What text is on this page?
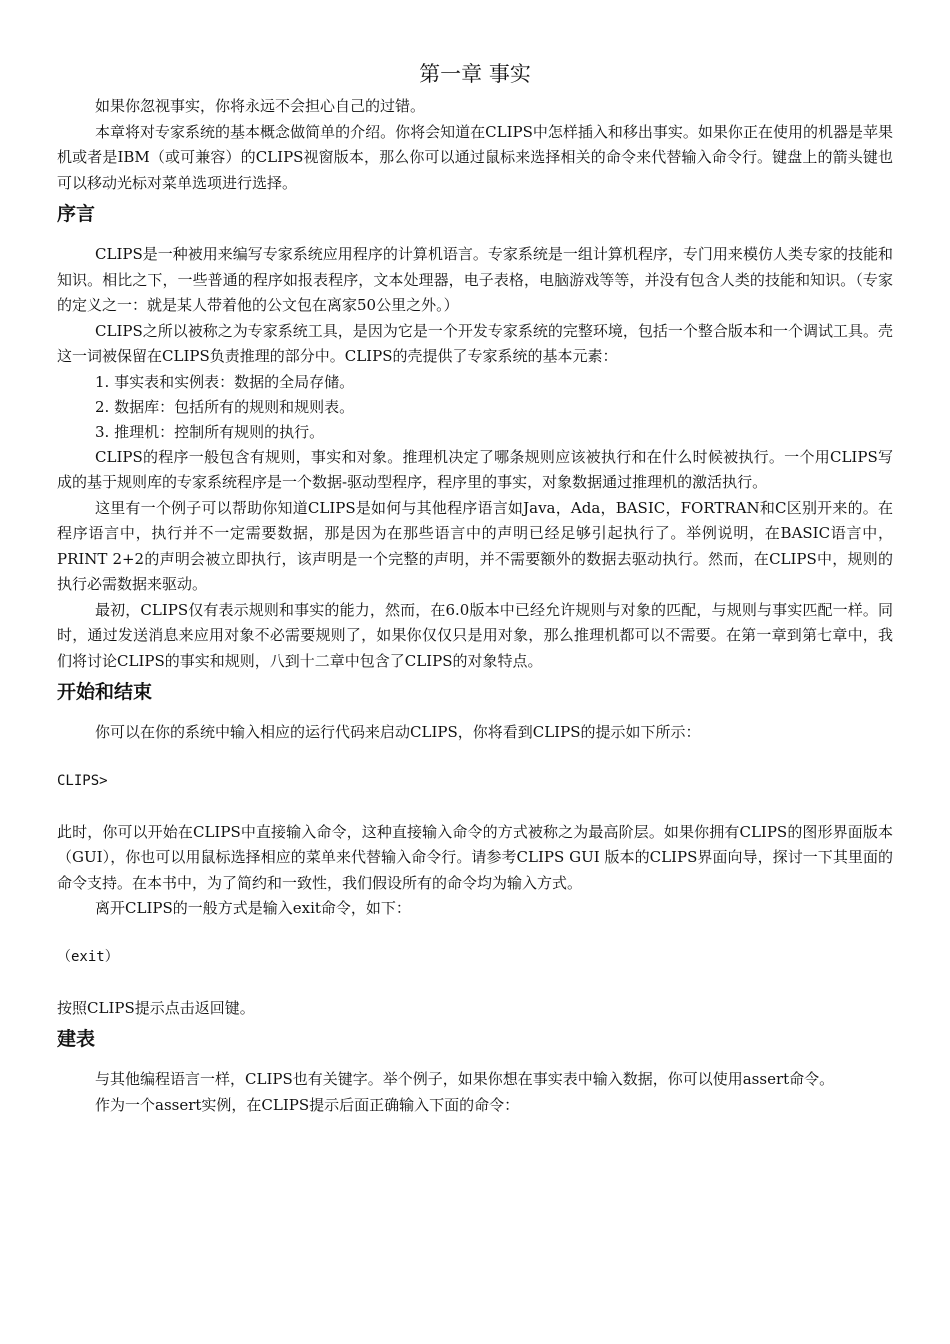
第一章 事实

如果你忽视事实，你将永远不会担心自己的过错。

本章将对专家系统的基本概念做简单的介绍。你将会知道在CLIPS中怎样插入和移出事实。如果你正在使用的机器是苹果机或者是IBM（或可兼容）的CLIPS视窗版本，那么你可以通过鼠标来选择相关的命令来代替输入命令行。键盘上的箭头键也可以移动光标对菜单选项进行选择。

序言

CLIPS是一种被用来编写专家系统应用程序的计算机语言。专家系统是一组计算机程序，专门用来模仿人类专家的技能和知识。相比之下，一些普通的程序如报表程序，文本处理器，电子表格，电脑游戏等等，并没有包含人类的技能和知识。（专家的定义之一：就是某人带着他的公文包在离家50公里之外。）

CLIPS之所以被称之为专家系统工具，是因为它是一个开发专家系统的完整环境，包括一个整合版本和一个调试工具。壳这一词被保留在CLIPS负责推理的部分中。CLIPS的壳提供了专家系统的基本元素：

1. 事实表和实例表：数据的全局存储。
2. 数据库：包括所有的规则和规则表。
3. 推理机：控制所有规则的执行。

CLIPS的程序一般包含有规则，事实和对象。推理机决定了哪条规则应该被执行和在什么时候被执行。一个用CLIPS写成的基于规则库的专家系统程序是一个数据-驱动型程序，程序里的事实，对象数据通过推理机的激活执行。

这里有一个例子可以帮助你知道CLIPS是如何与其他程序语言如Java，Ada，BASIC，FORTRAN和C区别开来的。在程序语言中，执行并不一定需要数据，那是因为在那些语言中的声明已经足够引起执行了。举例说明，在BASIC语言中，PRINT 2+2的声明会被立即执行，该声明是一个完整的声明，并不需要额外的数据去驱动执行。然而，在CLIPS中，规则的执行必需数据来驱动。

最初，CLIPS仅有表示规则和事实的能力，然而，在6.0版本中已经允许规则与对象的匹配，与规则与事实匹配一样。同时，通过发送消息来应用对象不必需要规则了，如果你仅仅只是用对象，那么推理机都可以不需要。在第一章到第七章中，我们将讨论CLIPS的事实和规则，八到十二章中包含了CLIPS的对象特点。

开始和结束

你可以在你的系统中输入相应的运行代码来启动CLIPS，你将看到CLIPS的提示如下所示：

CLIPS>

此时，你可以开始在CLIPS中直接输入命令，这种直接输入命令的方式被称之为最高阶层。如果你拥有CLIPS的图形界面版本（GUI），你也可以用鼠标选择相应的菜单来代替输入命令行。请参考CLIPS GUI 版本的CLIPS界面向导，探讨一下其里面的命令支持。在本书中，为了简约和一致性，我们假设所有的命令均为输入方式。

离开CLIPS的一般方式是输入exit命令，如下：

（exit）

按照CLIPS提示点击返回键。

建表

与其他编程语言一样，CLIPS也有关键字。举个例子，如果你想在事实表中输入数据，你可以使用assert命令。

作为一个assert实例，在CLIPS提示后面正确输入下面的命令：
